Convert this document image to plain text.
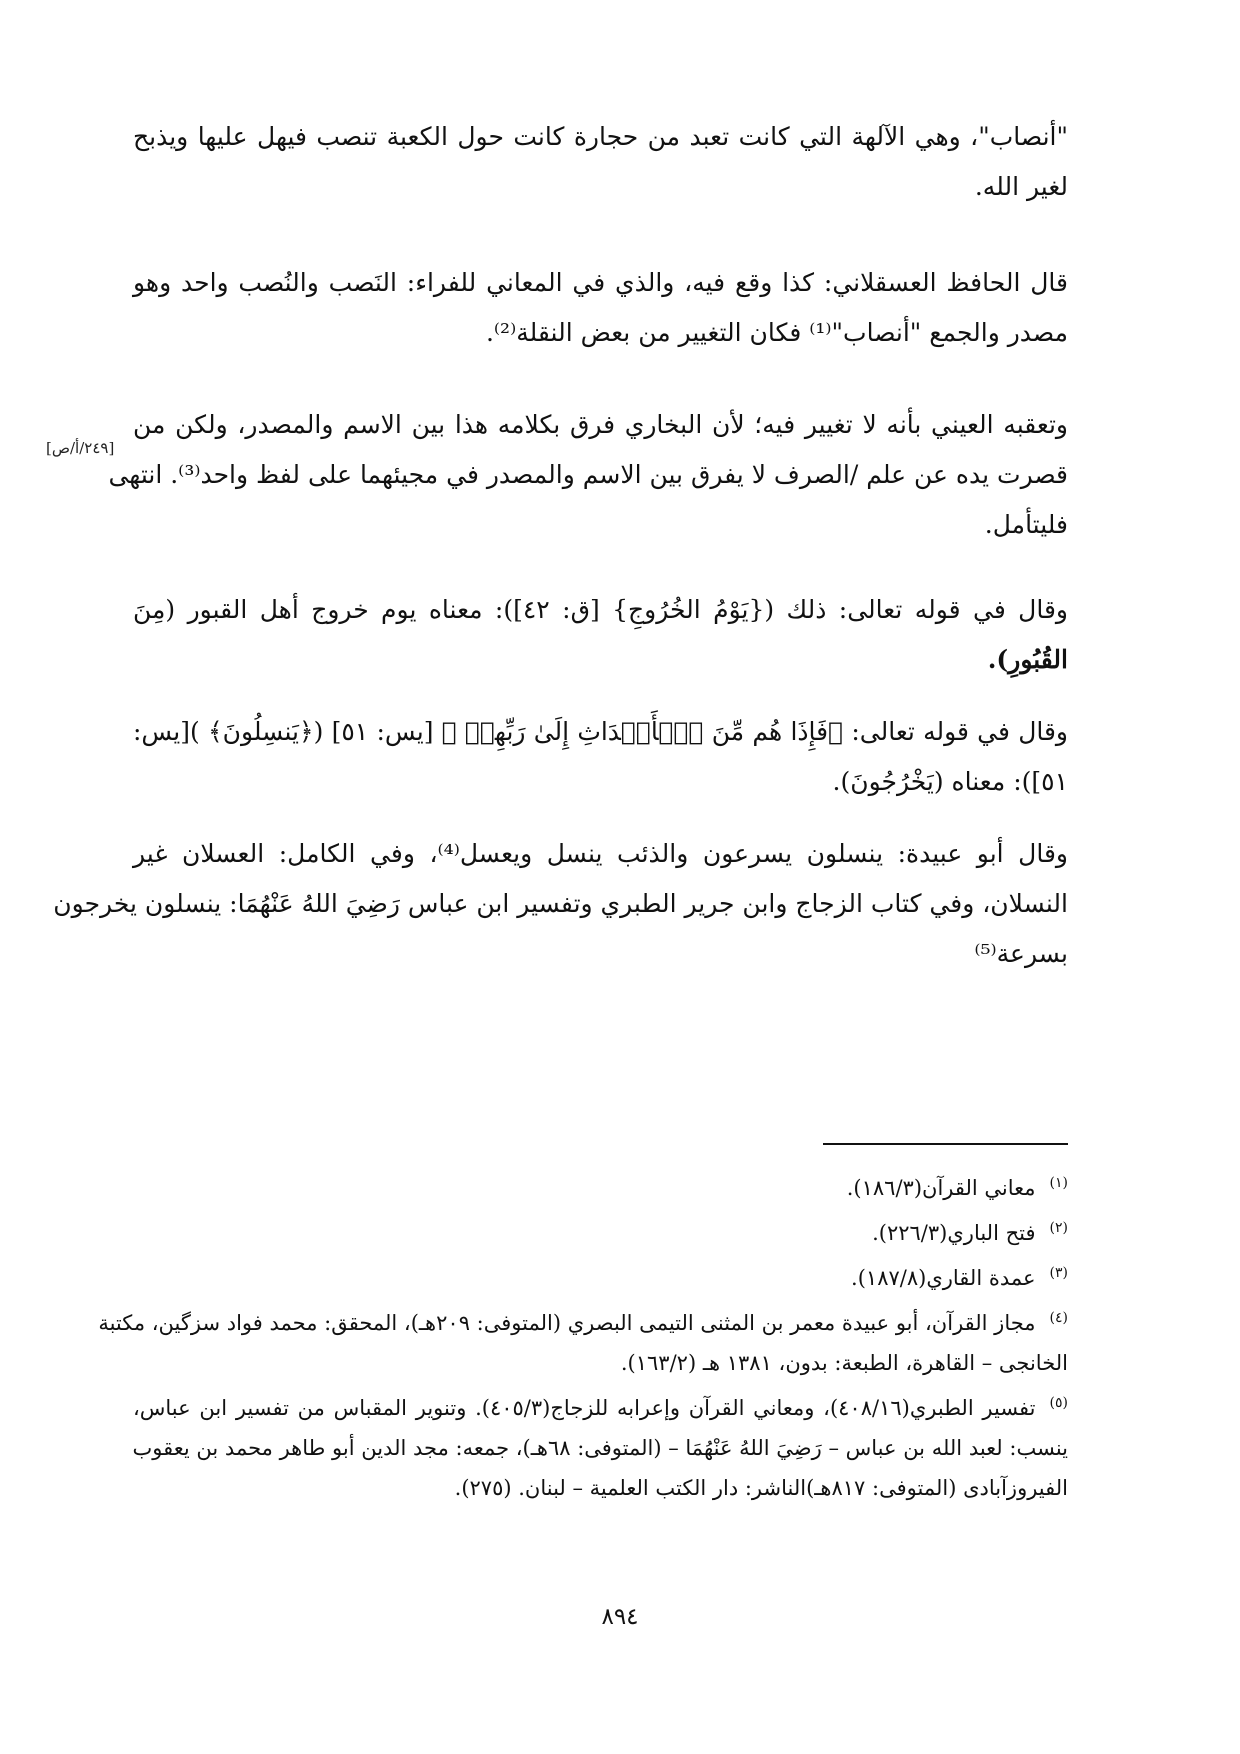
"أنصاب"، وهي الآلهة التي كانت تعبد من حجارة كانت حول الكعبة تنصب فيهل عليها ويذبح
لغير الله.
قال الحافظ العسقلاني: كذا وقع فيه، والذي في المعاني للفراء: النَصب والنُصب واحد وهو
مصدر والجمع "أنصاب"⁽¹⁾ فكان التغيير من بعض النقلة⁽²⁾.
وتعقبه العيني بأنه لا تغيير فيه؛ لأن البخاري فرق بكلامه هذا بين الاسم والمصدر، ولكن من
قصرت يده عن علم /الصرف لا يفرق بين الاسم والمصدر في مجيئهما على لفظ واحد⁽³⁾. انتهى
فليتأمل.
[٢٤٩/أ/ص]
وقال في قوله تعالى: ذلك ({يَوْمُ الخُرُوجِ} [ق: ٤٢]): معناه يوم خروج أهل القبور (مِنَ
القُبُورِ).
وقال في قوله تعالى: ﴿فَإِذَا هُم مِّنَ ٱلۡأَجۡدَاثِ إِلَىٰ رَبِّهِمۡ ﴾ [يس: ٥١] (﴿يَنسِلُونَ﴾ )[يس:
٥١]): معناه (يَخْرُجُونَ).
وقال أبو عبيدة: ينسلون يسرعون والذئب ينسل ويعسل⁽⁴⁾، وفي الكامل: العسلان غير
النسلان، وفي كتاب الزجاج وابن جرير الطبري وتفسير ابن عباس رَضِيَ اللهُ عَنْهُمَا: ينسلون يخرجون
بسرعة⁽⁵⁾
$^{(١)}$معاني القرآن(١٨٦/٣).
$^{(٢)}$فتح الباري(٢٢٦/٣).
$^{(٣)}$عمدة القاري(١٨٧/٨).
$^{(٤)}$مجاز القرآن، أبو عبيدة معمر بن المثنى التيمى البصري (المتوفى: ٢٠٩هـ)، المحقق: محمد فواد سزگين، مكتبة
الخانجى – القاهرة، الطبعة: بدون، ١٣٨١ هـ (١٦٣/٢).
$^{(٥)}$تفسير الطبري(٤٠٨/١٦)، ومعاني القرآن وإعرابه للزجاج(٤٠٥/٣). وتنوير المقباس من تفسير ابن عباس،
ينسب: لعبد الله بن عباس – رَضِيَ اللهُ عَنْهُمَا – (المتوفى: ٦٨هـ)، جمعه: مجد الدين أبو طاهر محمد بن يعقوب
الفيروزآبادى (المتوفى: ٨١٧هـ)الناشر: دار الكتب العلمية – لبنان. (٢٧٥).
٨٩٤
